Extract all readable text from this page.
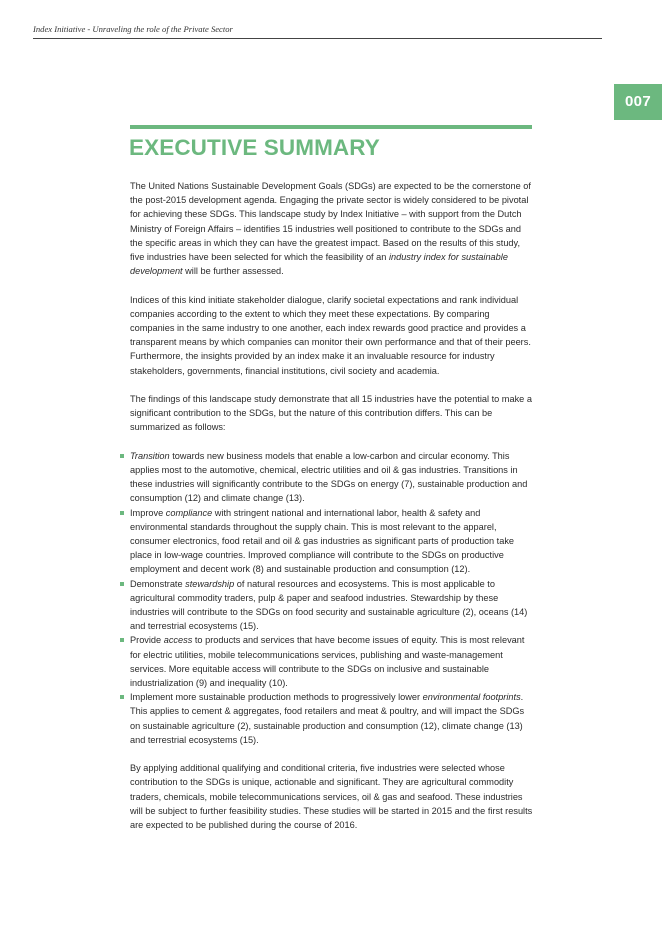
Index Initiative - Unraveling the role of the Private Sector
007
EXECUTIVE SUMMARY

The United Nations Sustainable Development Goals (SDGs) are expected to be the cornerstone of the post-2015 development agenda. Engaging the private sector is widely considered to be pivotal for achieving these SDGs. This landscape study by Index Initiative – with support from the Dutch Ministry of Foreign Affairs – identifies 15 industries well positioned to contribute to the SDGs and the specific areas in which they can have the greatest impact. Based on the results of this study, five industries have been selected for which the feasibility of an industry index for sustainable development will be further assessed.

Indices of this kind initiate stakeholder dialogue, clarify societal expectations and rank individual companies according to the extent to which they meet these expectations. By comparing companies in the same industry to one another, each index rewards good practice and provides a transparent means by which companies can monitor their own performance and that of their peers. Furthermore, the insights provided by an index make it an invaluable resource for industry stakeholders, governments, financial institutions, civil society and academia.

The findings of this landscape study demonstrate that all 15 industries have the potential to make a significant contribution to the SDGs, but the nature of this contribution differs. This can be summarized as follows:

Transition towards new business models that enable a low-carbon and circular economy. This applies most to the automotive, chemical, electric utilities and oil & gas industries. Transitions in these industries will significantly contribute to the SDGs on energy (7), sustainable production and consumption (12) and climate change (13).
Improve compliance with stringent national and international labor, health & safety and environmental standards throughout the supply chain. This is most relevant to the apparel, consumer electronics, food retail and oil & gas industries as significant parts of production take place in low-wage countries. Improved compliance will contribute to the SDGs on productive employment and decent work (8) and sustainable production and consumption (12).
Demonstrate stewardship of natural resources and ecosystems. This is most applicable to agricultural commodity traders, pulp & paper and seafood industries. Stewardship by these industries will contribute to the SDGs on food security and sustainable agriculture (2), oceans (14) and terrestrial ecosystems (15).
Provide access to products and services that have become issues of equity. This is most relevant for electric utilities, mobile telecommunications services, publishing and waste-management services. More equitable access will contribute to the SDGs on inclusive and sustainable industrialization (9) and inequality (10).
Implement more sustainable production methods to progressively lower environmental footprints. This applies to cement & aggregates, food retailers and meat & poultry, and will impact the SDGs on sustainable agriculture (2), sustainable production and consumption (12), climate change (13) and terrestrial ecosystems (15).

By applying additional qualifying and conditional criteria, five industries were selected whose contribution to the SDGs is unique, actionable and significant. They are agricultural commodity traders, chemicals, mobile telecommunications services, oil & gas and seafood. These industries will be subject to further feasibility studies. These studies will be started in 2015 and the first results are expected to be published during the course of 2016.
